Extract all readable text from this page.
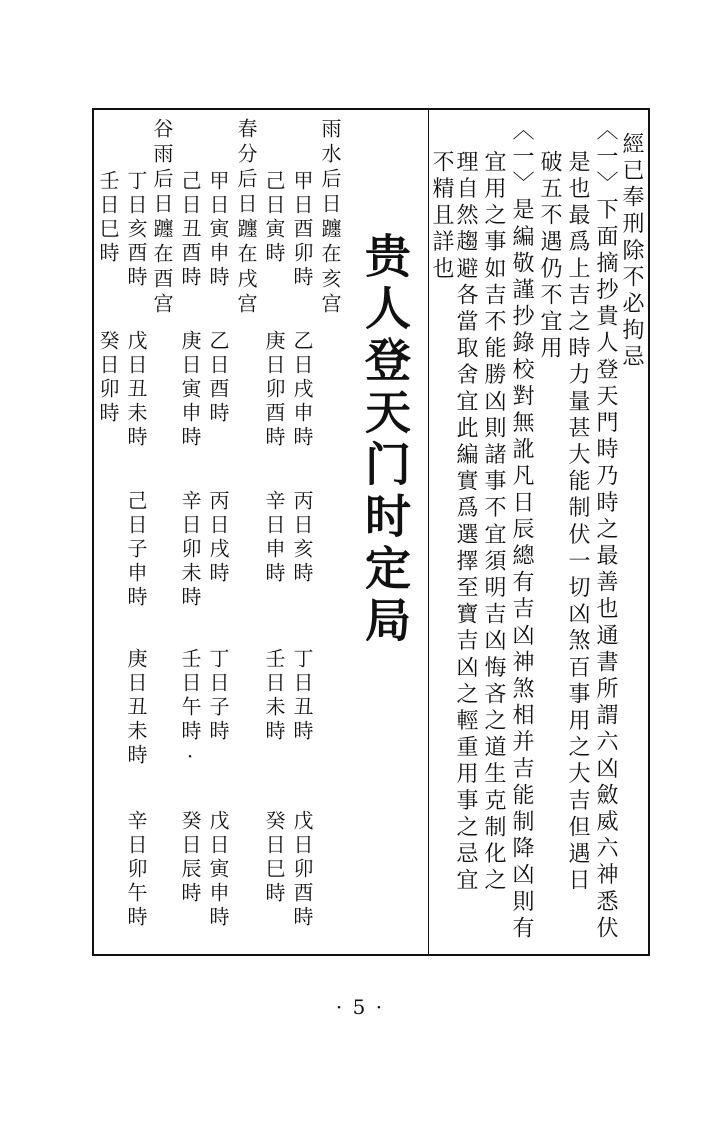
經已奉刑除不必拘忌
〈一〉下面摘抄貴人登天門時乃時之最善也通書所謂六凶斂威六神悉伏
是也最爲上吉之時力量甚大能制伏一切凶煞百事用之大吉但遇日
破五不遇仍不宜用
〈一〉是編敬謹抄錄校對無訛凡日辰總有吉凶神煞相并吉能制降凶則有
宜用之事如吉不能勝凶則諸事不宜須明吉凶悔吝之道生克制化之
理自然趨避各當取舍宜此編實爲選擇至寶吉凶之輕重用事之忌宜
不精且詳也
贵人登天门时定局
雨水后日躔在亥宫
春分后日躔在戌宫
谷雨后日躔在酉宫	甲日酉卯時
己日寅時
乙日戌申時
庚日卯酉時
丙日亥時
辛日申時
丁日丑時
壬日未時
戊日卯酉時
癸日巳時
甲日寅申時
己日丑酉時
乙日酉時
庚日寅申時
丙日戌時
辛日卯未時
丁日子時
壬日午時·
戊日寅申時
癸日辰時
丁日亥酉時
壬日巳時
戊日丑未時
癸日卯時
己日子申時
庚日丑未時
辛日卯午時
· 5 ·
